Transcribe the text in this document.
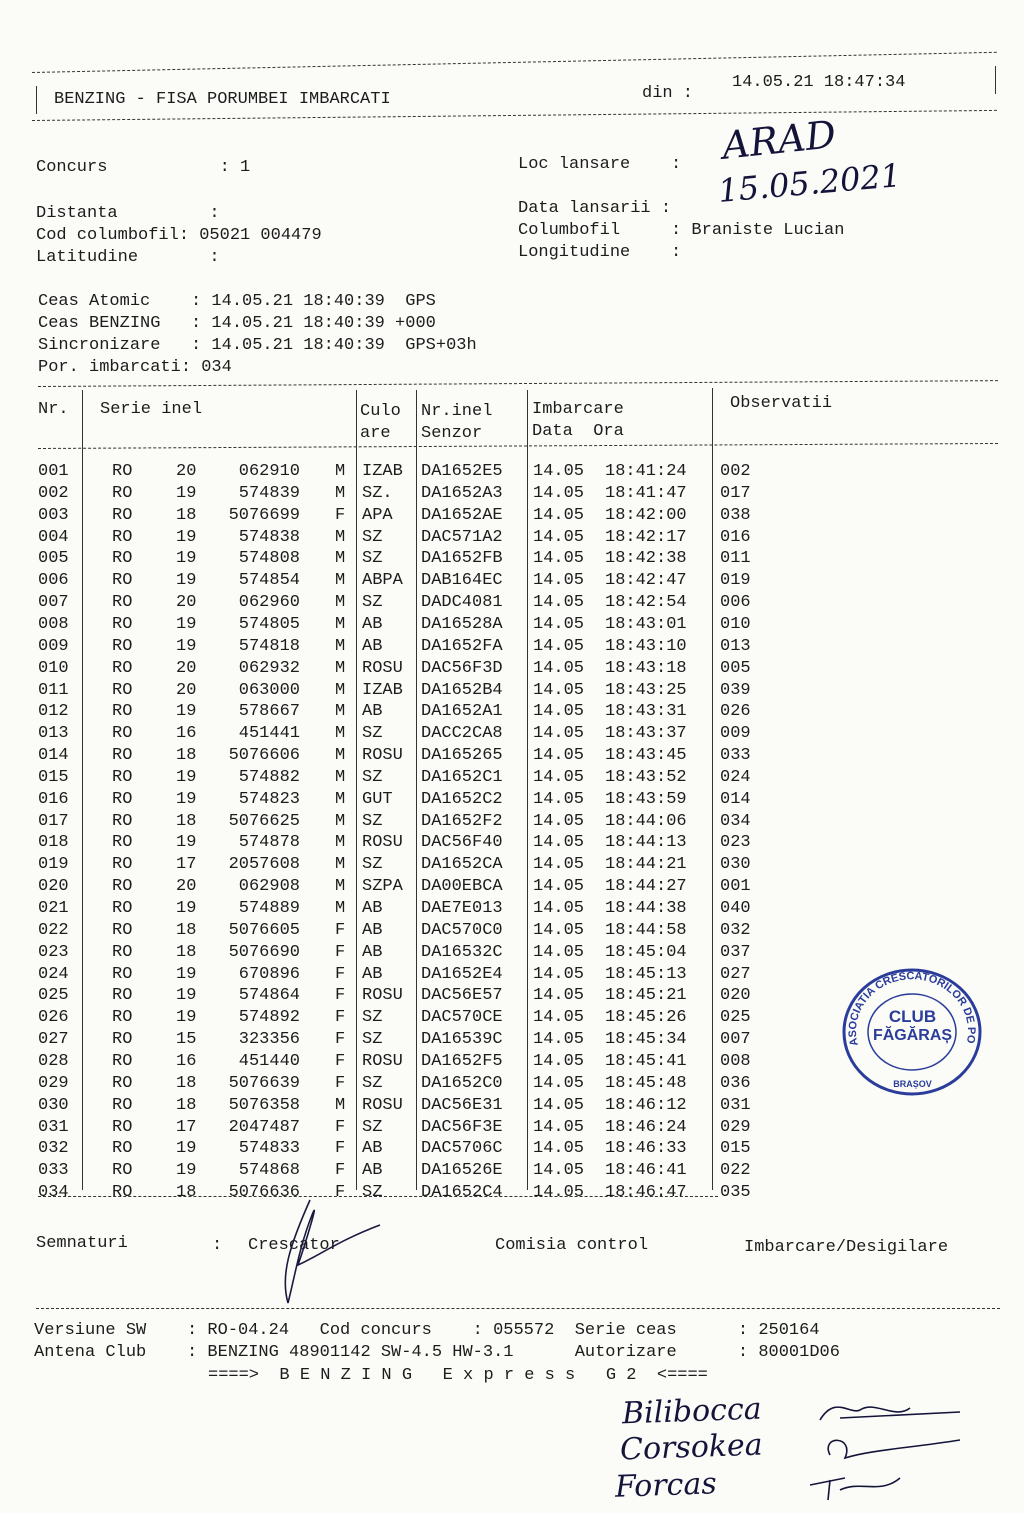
BENZING - FISA PORUMBEI IMBARCATI	din :
14.05.21 18:47:34
Concurs           : 1
Distanta         :
Cod columbofil: 05021 004479
Latitudine       :
Loc lansare    :
Data lansarii :
Columbofil     : Braniste Lucian
Longitudine    :
ARAD
15.05.2021
Ceas Atomic    : 14.05.21 18:40:39  GPS
Ceas BENZING   : 14.05.21 18:40:39 +000
Sincronizare   : 14.05.21 18:40:39  GPS+03h
Por. imbarcati: 034
Nr. Serie inel	Culo
are
Nr.inel
Senzor
Imbarcare
Data  Ora
Observatii
001	RO	20	062910 M IZAB DA1652E5 14.05 18:41:24 002
002	RO	19	574839 M SZ. DA1652A3 14.05 18:41:47 017
003	RO	18	5076699 F APA DA1652AE 14.05 18:42:00 038
004	RO	19	574838 M SZ DAC571A2 14.05 18:42:17 016
005	RO	19	574808 M SZ DA1652FB 14.05 18:42:38 011
006	RO	19	574854 M ABPA DAB164EC 14.05 18:42:47 019
007	RO	20	062960 M SZ DADC4081 14.05 18:42:54 006
008	RO	19	574805 M AB DA16528A 14.05 18:43:01 010
009	RO	19	574818 M AB DA1652FA 14.05 18:43:10 013
010	RO	20	062932 M ROSU DAC56F3D 14.05 18:43:18 005
011	RO	20	063000 M IZAB DA1652B4 14.05 18:43:25 039
012	RO	19	578667 M AB DA1652A1 14.05 18:43:31 026
013	RO	16	451441 M SZ DACC2CA8 14.05 18:43:37 009
014	RO	18	5076606 M ROSU DA165265 14.05 18:43:45 033
015	RO	19	574882 M SZ DA1652C1 14.05 18:43:52 024
016	RO	19	574823 M GUT DA1652C2 14.05 18:43:59 014
017	RO	18	5076625 M SZ DA1652F2 14.05 18:44:06 034
018	RO	19	574878 M ROSU DAC56F40 14.05 18:44:13 023
019	RO	17	2057608 M SZ DA1652CA 14.05 18:44:21 030
020	RO	20	062908 M SZPA DA00EBCA 14.05 18:44:27 001
021	RO	19	574889 M AB DAE7E013 14.05 18:44:38 040
022	RO	18	5076605 F AB DAC570C0 14.05 18:44:58 032
023	RO	18	5076690 F AB DA16532C 14.05 18:45:04 037
024	RO	19	670896 F AB DA1652E4 14.05 18:45:13 027
025	RO	19	574864 F ROSU DAC56E57 14.05 18:45:21 020
026	RO	19	574892 F SZ DAC570CE 14.05 18:45:26 025
027	RO	15	323356 F SZ DA16539C 14.05 18:45:34 007
028	RO	16	451440 F ROSU DA1652F5 14.05 18:45:41 008
029	RO	18	5076639 F SZ DA1652C0 14.05 18:45:48 036
030	RO	18	5076358 M ROSU DAC56E31 14.05 18:46:12 031
031	RO	17	2047487 F SZ DAC56F3E 14.05 18:46:24 029
032	RO	19	574833 F AB DAC5706C 14.05 18:46:33 015
033	RO	19	574868 F AB DA16526E 14.05 18:46:41 022
034	RO	18	5076636 F SZ DA1652C4 14.05 18:46:47 035
Semnaturi	: Crescator	Comisia control	Imbarcare/Desigilare
Versiune SW    : RO-04.24   Cod concurs    : 055572  Serie ceas      : 250164
Antena Club    : BENZING 48901142 SW-4.5 HW-3.1      Autorizare      : 80001D06
====>  B E N Z I N G   E x p r e s s   G 2  <====
Bilibocca
Corsokea
Forcas
ASOCIATIA CRESCATORILOR DE PO
CLUB
FĂGĂRAȘ
BRAȘOV
